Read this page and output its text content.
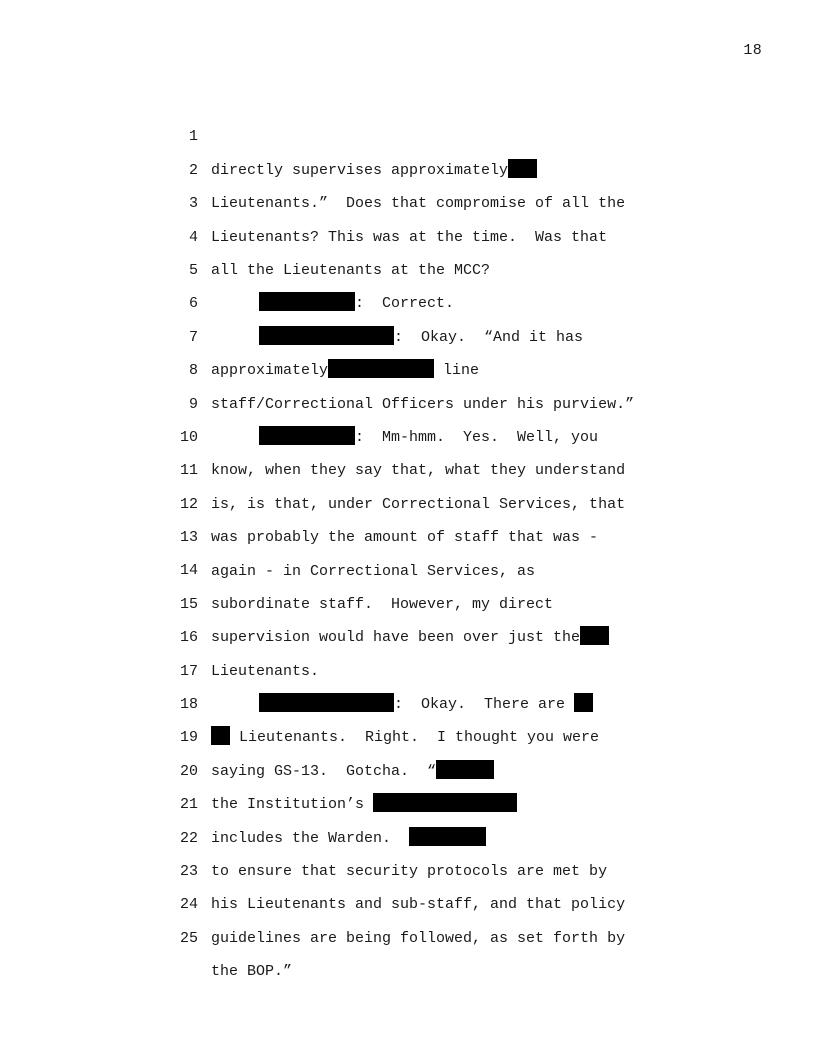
18

1

directly supervises approximately

2

Lieutenants.”  Does that compromise of all the

3

Lieutenants? This was at the time.  Was that

4

all the Lieutenants at the MCC?

5

:  Correct.

6

:  Okay.  “And it has

7

approximately	line

8

staff/Correctional Officers under his purview.”

9

:  Mm-hmm.  Yes.  Well, you

10

know, when they say that, what they understand

11

is, is that, under Correctional Services, that

12

was probably the amount of staff that was -

13

again - in Correctional Services, as

14

subordinate staff.  However, my direct

15

supervision would have been over just the

16

Lieutenants.

17

:  Okay.  There are

18

Lieutenants.  Right.  I thought you were

19

saying GS-13.  Gotcha.  “

20

the Institution’s

21

includes the Warden.

22

to ensure that security protocols are met by

23

his Lieutenants and sub-staff, and that policy

24

guidelines are being followed, as set forth by

25

the BOP.”
